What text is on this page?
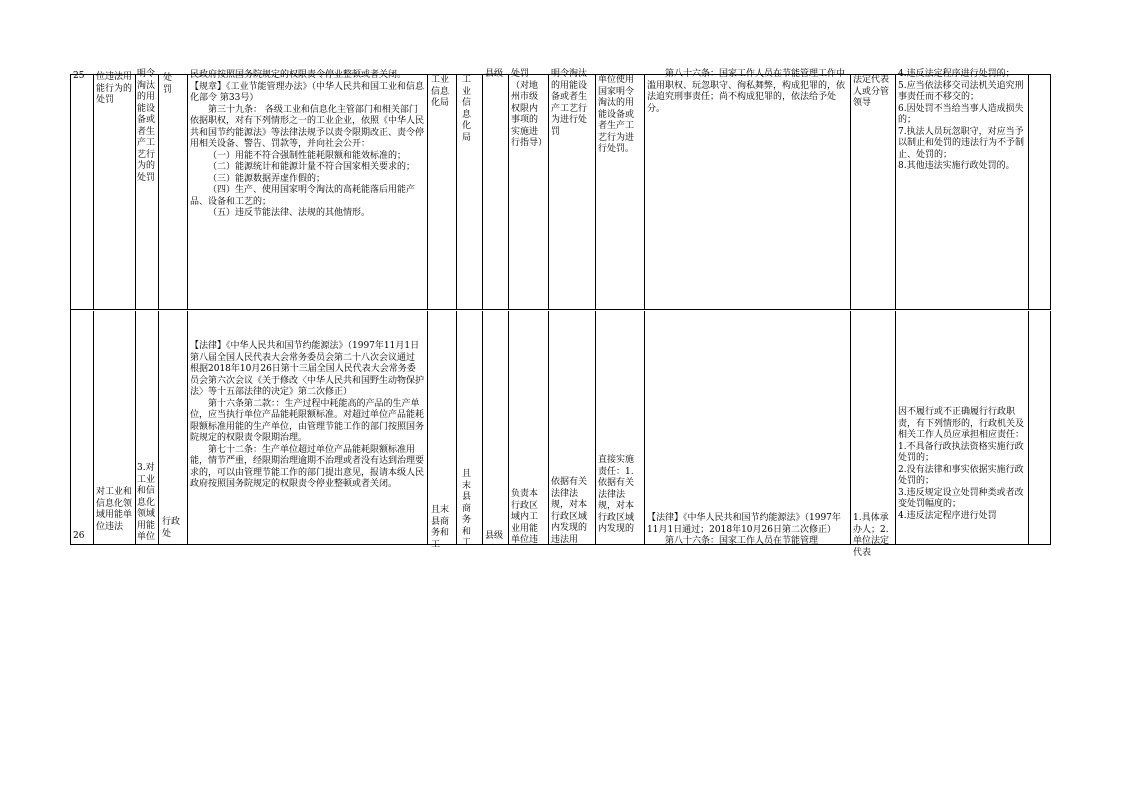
25 位违法用能行为的处罚
明令淘汰的用能设备或者生产工艺行为的处罚
处罚
民政府按照国务院规定的权限责令停业整顿或者关闭。
【规章】《工业节能管理办法》（中华人民共和国工业和信息化部令 第33号）
第三十九条： 各级工业和信息化主管部门和相关部门依据职权，对有下列情形之一的工业企业，依照《中华人民共和国节约能源法》等法律法规予以责令限期改正、责令停用相关设备、警告、罚款等，并向社会公开：
（一）用能不符合强制性能耗限额和能效标准的；
（二）能源统计和能源计量不符合国家相关要求的；
（三）能源数据弄虚作假的；
（四）生产、使用国家明令淘汰的高耗能落后用能产品、设备和工艺的；
（五）违反节能法律、法规的其他情形。
工业信息化局
工业信息化局
县级 处罚（对地州市级权限内事项的实施进行指导）
明令淘汰的用能设备或者生产工艺行为进行处罚
单位使用国家明令淘汰的用能设备或者生产工艺行为进行处罚。
第八十六条：国家工作人员在节能管理工作中滥用职权、玩忽职守、徇私舞弊，构成犯罪的，依法追究刑事责任；尚不构成犯罪的，依法给予处分。
法定代表人或分管领导
4.违反法定程序进行处罚的；
5.应当依法移交司法机关追究刑事责任而不移交的；
6.因处罚不当给当事人造成损失的；
7.执法人员玩忽职守，对应当予以制止和处罚的违法行为不予制止、处罚的；
8.其他违法实施行政处罚的。
26
对工业和信息化领域用能单位违法
3.对工业和信息化领域用能单位
行政处
【法律】《中华人民共和国节约能源法》（1997年11月1日第八届全国人民代表大会常务委员会第二十八次会议通过 根据2018年10月26日第十三届全国人民代表大会常务委员会第六次会议《关于修改〈中华人民共和国野生动物保护法〉等十五部法律的决定》第二次修正）
第十六条第二款：：生产过程中耗能高的产品的生产单位，应当执行单位产品能耗限额标准。对超过单位产品能耗限额标准用能的生产单位，由管理节能工作的部门按照国务院规定的权限责令限期治理。
第七十二条：生产单位超过单位产品能耗限额标准用能，情节严重，经限期治理逾期不治理或者没有达到治理要求的，可以由管理节能工作的部门提出意见，报请本级人民政府按照国务院规定的权限责令停业整顿或者关闭。
且末县商务和工
且末县商务和工
县级
负责本行政区域内工业用能单位违
依据有关法律法规，对本行政区域内发现的违法用
直接实施责任：1.依据有关法律法规，对本行政区域内发现的
【法律】《中华人民共和国节约能源法》（1997年11月1日通过；2018年10月26日第二次修正）
第八十六条：国家工作人员在节能管理
1.具体承办人；2.单位法定代表
因不履行或不正确履行行政职责，有下列情形的，行政机关及相关工作人员应承担相应责任：
1.不具备行政执法资格实施行政处罚的；
2.没有法律和事实依据实施行政处罚的；
3.违反规定设立处罚种类或者改变处罚幅度的；
4.违反法定程序进行处罚
